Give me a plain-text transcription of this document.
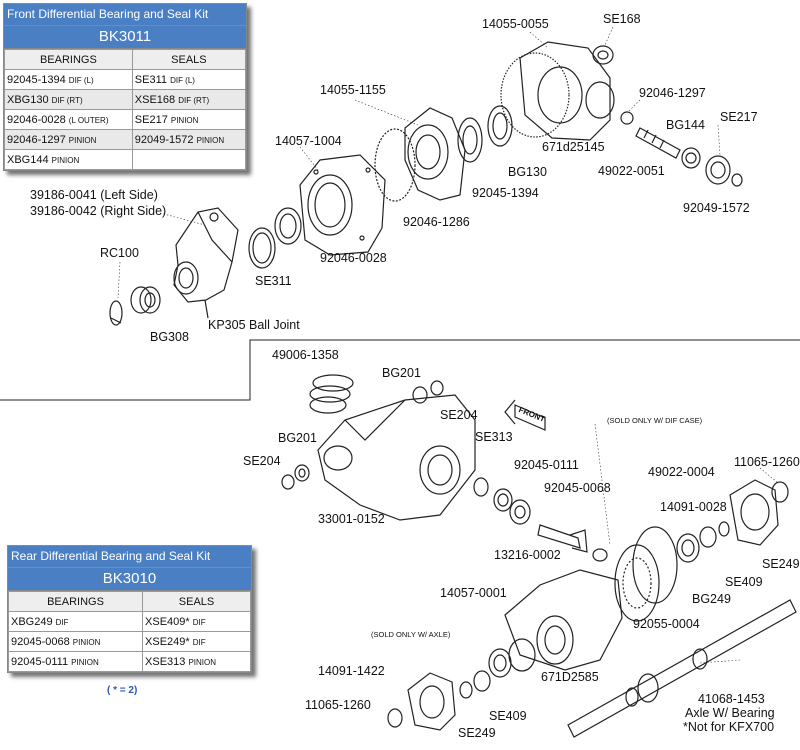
14055-0055	SE168
92046-1297
BG144
SE217
14055-1155
671d25145
BG130	49022-0051
14057-1004
92045-1394
92049-1572
39186-0041 (Left Side)
39186-0042 (Right Side)
92046-1286
RC100	92046-0028
SE311
BG308
KP305 Ball Joint
49006-1358
BG201
SE204
BG201	SE313
SE204
(SOLD ONLY W/ DIF CASE)
92045-0111	49022-0004
11065-1260
92045-0068
33001-0152
14091-0028
13216-0002
SE249
SE409
BG249
14057-0001
92055-0004
(SOLD ONLY W/ AXLE)
671D2585
14091-1422
41068-1453
Axle W/ Bearing
*Not for KFX700
11065-1260
SE409
SE249
FRONT
Front Differential Bearing and Seal Kit
BK3011
BEARINGS	SEALS
92045-1394 DIF (L)	SE311 DIF (L)
XBG130 DIF (RT)	XSE168 DIF (RT)
92046-0028 (L OUTER)	SE217 PINION
92046-1297 PINION	92049-1572 PINION
XBG144 PINION	
Rear Differential Bearing and Seal Kit
BK3010
BEARINGS	SEALS
XBG249 DIF	XSE409* DIF
92045-0068 PINION	XSE249* DIF
92045-0111 PINION	XSE313 PINION
( * = 2)
